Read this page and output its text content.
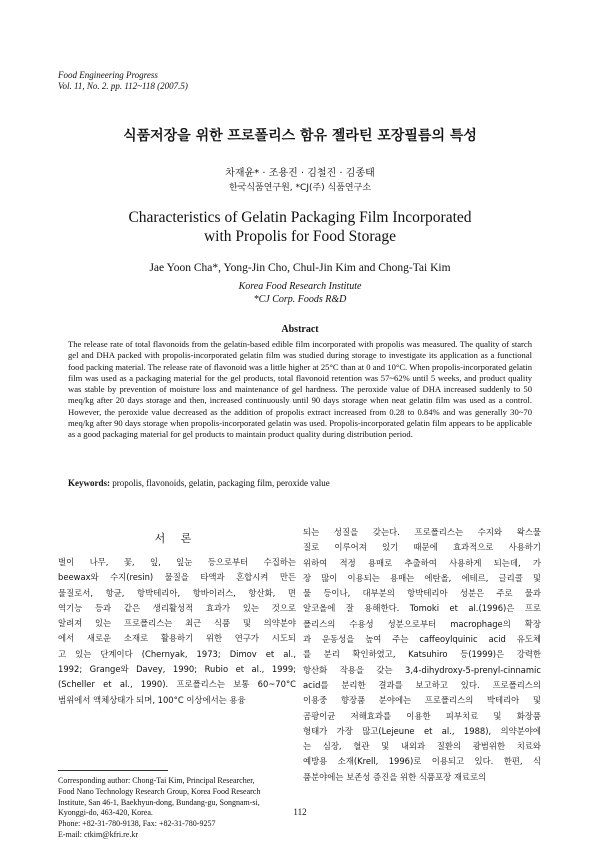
Food Engineering Progress
Vol. 11, No. 2. pp. 112~118 (2007.5)
식품저장을 위한 프로폴리스 함유 젤라틴 포장필름의 특성
차재윤* · 조용진 · 김철진 · 김종태
한국식품연구원, *CJ(주) 식품연구소
Characteristics of Gelatin Packaging Film Incorporated
with Propolis for Food Storage
Jae Yoon Cha*, Yong-Jin Cho, Chul-Jin Kim and Chong-Tai Kim
Korea Food Research Institute
*CJ Corp. Foods R&D
Abstract
The release rate of total flavonoids from the gelatin-based edible film incorporated with propolis was measured. The quality of starch gel and DHA packed with propolis-incorporated gelatin film was studied during storage to investigate its application as a functional food packing material. The release rate of flavonoid was a little higher at 25°C than at 0 and 10°C. When propolis-incorporated gelatin film was used as a packaging material for the gel products, total flavonoid retention was 57~62% until 5 weeks, and product quality was stable by prevention of moisture loss and maintenance of gel hardness. The peroxide value of DHA increased suddenly to 50 meq/kg after 20 days storage and then, increased continuously until 90 days storage when neat gelatin film was used as a control. However, the peroxide value decreased as the addition of propolis extract increased from 0.28 to 0.84% and was generally 30~70 meq/kg after 90 days storage when propolis-incorporated gelatin was used. Propolis-incorporated gelatin film appears to be applicable as a good packaging material for gel products to maintain product quality during distribution period.
Keywords: propolis, flavonoids, gelatin, packaging film, peroxide value
서 론
벌이 나무, 꽃, 잎, 잎눈 등으로부터 수집하는
beewax와 수지(resin) 물질을 타액과 혼합시켜 만든
물질로서, 항균, 항박테리아, 항바이러스, 항산화, 면
역기능 등과 같은 생리활성적 효과가 있는 것으로
알려져 있는 프로폴리스는 최근 식품 및 의약분야
에서 새로운 소재로 활용하기 위한 연구가 시도되
고 있는 단계이다 (Chernyak, 1973; Dimov et al.,
1992; Grange와 Davey, 1990; Rubio et al., 1999;
(Scheller et al., 1990). 프로폴리스는 보통 60~70°C
범위에서 액체상태가 되며, 100°C 이상에서는 용융
되는 성질을 갖는다. 프로폴리스는 수지와 왁스물
질로 이루어져 있기 때문에 효과적으로 사용하기
위하여 적정 용매로 추출하여 사용하게 되는데, 가
장 많이 이용되는 용매는 에탄올, 에테르, 글리콜 및
물 등이나, 대부분의 항박테리아 성분은 주로 물과
알코올에 잘 용해한다. Tomoki et al.(1996)은 프로
폴리스의 수용성 성분으로부터 macrophage의 확장
과 운동성을 높여 주는 caffeoylquinic acid 유도체
를 분리 확인하였고, Katsuhiro 등(1999)은 강력한
항산화 작용을 갖는 3,4-dihydroxy-5-prenyl-cinnamic
acid를 분리한 결과를 보고하고 있다. 프로폴리스의
이용중 향장품 분야에는 프로폴리스의 박테리아 및
곰팡이균 저해효과를 이용한 피부치료 및 화장품
형태가 가장 많고(Lejeune et al., 1988), 의약분야에
는 심장, 혈관 및 내외과 질환의 광범위한 치료와
예방용 소재(Krell, 1996)로 이용되고 있다. 한편, 식
품분야에는 보존성 증진을 위한 식품포장 재료로의
Corresponding author: Chong-Tai Kim, Principal Researcher,
Food Nano Technology Research Group, Korea Food Research
Institute, San 46-1, Baekhyun-dong, Bundang-gu, Songnam-si,
Kyonggi-do, 463-420, Korea.
Phone: +82-31-780-9138, Fax: +82-31-780-9257
E-mail: ctkim@kfri.re.kr
112
